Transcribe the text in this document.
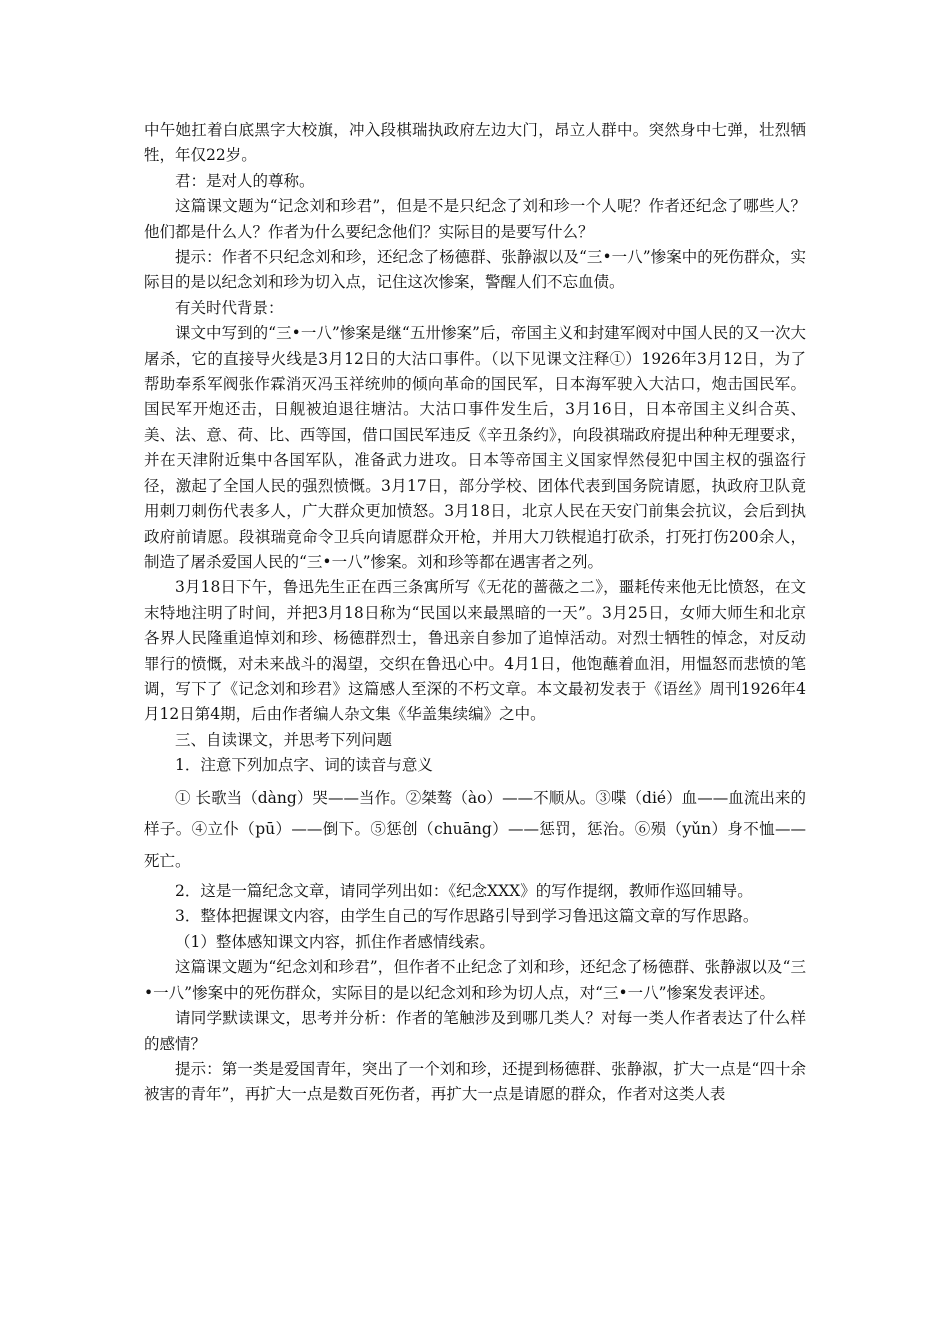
中午她扛着白底黑字大校旗，冲入段棋瑞执政府左边大门，昂立人群中。突然身中七弹，壮烈牺牲，年仅22岁。

君：是对人的尊称。

这篇课文题为“记念刘和珍君”，但是不是只纪念了刘和珍一个人呢？作者还纪念了哪些人？他们都是什么人？作者为什么要纪念他们？实际目的是要写什么？

提示：作者不只纪念刘和珍，还纪念了杨德群、张静淑以及“三•一八”惨案中的死伤群众，实际目的是以纪念刘和珍为切入点，记住这次惨案，警醒人们不忘血债。

有关时代背景：

课文中写到的“三•一八”惨案是继“五卅惨案”后，帝国主义和封建军阀对中国人民的又一次大屠杀，它的直接导火线是3月12日的大沽口事件。（以下见课文注释①）1926年3月12日，为了帮助奉系军阀张作霖消灭冯玉祥统帅的倾向革命的国民军，日本海军驶入大沽口，炮击国民军。国民军开炮还击，日舰被迫退往塘沽。大沽口事件发生后，3月16日，日本帝国主义纠合英、美、法、意、荷、比、西等国，借口国民军违反《辛丑条约》，向段祺瑞政府提出种种无理要求，并在天津附近集中各国军队，准备武力进攻。日本等帝国主义国家悍然侵犯中国主权的强盗行径，激起了全国人民的强烈愤慨。3月17日，部分学校、团体代表到国务院请愿，执政府卫队竟用刺刀刺伤代表多人，广大群众更加愤怒。3月18日，北京人民在天安门前集会抗议，会后到执政府前请愿。段祺瑞竟命令卫兵向请愿群众开枪，并用大刀铁棍追打砍杀，打死打伤200余人，制造了屠杀爱国人民的“三•一八”惨案。刘和珍等都在遇害者之列。

3月18日下午，鲁迅先生正在西三条寓所写《无花的蔷薇之二》，噩耗传来他无比愤怒，在文末特地注明了时间，并把3月18日称为“民国以来最黑暗的一天”。3月25日，女师大师生和北京各界人民隆重追悼刘和珍、杨德群烈士，鲁迅亲自参加了追悼活动。对烈士牺牲的悼念，对反动罪行的愤慨，对未来战斗的渴望，交织在鲁迅心中。4月1日，他饱蘸着血泪，用愠怒而悲愤的笔调，写下了《记念刘和珍君》这篇感人至深的不朽文章。本文最初发表于《语丝》周刊1926年4月12日第4期，后由作者编人杂文集《华盖集续编》之中。

三、自读课文，并思考下列问题

1．注意下列加点字、词的读音与意义

① 长歌当（dàng）哭——当作。②桀骜（ào）——不顺从。③喋（dié）血——血流出来的样子。④立仆（pū）——倒下。⑤惩创（chuāng）——惩罚，惩治。⑥殒（yǔn）身不恤——死亡。

2．这是一篇纪念文章，请同学列出如：《纪念XXX》的写作提纲，教师作巡回辅导。

3．整体把握课文内容，由学生自己的写作思路引导到学习鲁迅这篇文章的写作思路。

（1）整体感知课文内容，抓住作者感情线索。

这篇课文题为“纪念刘和珍君”，但作者不止纪念了刘和珍，还纪念了杨德群、张静淑以及“三•一八”惨案中的死伤群众，实际目的是以纪念刘和珍为切人点，对“三•一八”惨案发表评述。

请同学默读课文，思考并分析：作者的笔触涉及到哪几类人？对每一类人作者表达了什么样的感情？

提示：第一类是爱国青年，突出了一个刘和珍，还提到杨德群、张静淑，扩大一点是“四十余被害的青年”，再扩大一点是数百死伤者，再扩大一点是请愿的群众，作者对这类人表
